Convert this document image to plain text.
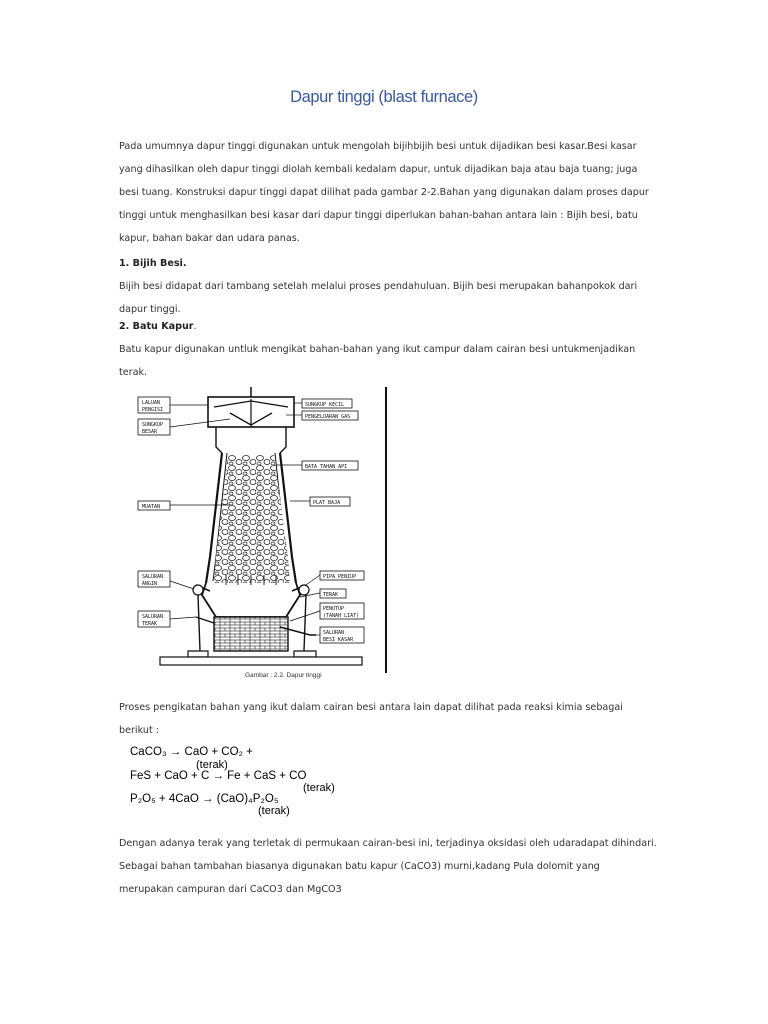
Dapur tinggi (blast furnace)
Pada umumnya dapur tinggi digunakan untuk mengolah bijihbijih besi untuk dijadikan besi kasar.Besi kasar
yang dihasilkan oleh dapur tinggi diolah kembali kedalam dapur, untuk dijadikan baja atau baja tuang; juga
besi tuang. Konstruksi dapur tinggi dapat dilihat pada gambar 2-2.Bahan yang digunakan dalam proses dapur
tinggi untuk menghasilkan besi kasar dari dapur tinggi diperlukan bahan-bahan antara lain : Bijih besi, batu
kapur, bahan bakar dan udara panas.
1. Bijih Besi.
Bijih besi didapat dari tambang setelah melalui proses pendahuluan. Bijih besi merupakan bahanpokok dari
dapur tinggi.
2. Batu Kapur.
Batu kapur digunakan untluk mengikat bahan-bahan yang ikut campur dalam cairan besi untukmenjadikan
terak.
LALUAN
PENGISI
SUNGKUP
BESAR
MUATAN
SALURAN
ANGIN
SALURAN
TERAK
SUNGKUP KECIL
PENGELUARAN GAS
BATA TAHAN API
PLAT BAJA
PIPA PENIUP
TERAK
PENUTUP
(TANAH LIAT)
SALURAN
BESI KASAR
Gambar : 2.2. Dapur tinggi
Proses pengikatan bahan yang ikut dalam cairan besi antara lain dapat dilihat pada reaksi kimia sebagai
berikut :
CaCO₃ → CaO + CO₂ +
(terak)
FeS + CaO + C → Fe + CaS + CO
(terak)
P₂O₅ + 4CaO → (CaO)₄P₂O₅
(terak)
Dengan adanya terak yang terletak di permukaan cairan-besi ini, terjadinya oksidasi oleh udaradapat dihindari.
Sebagai bahan tambahan biasanya digunakan batu kapur (CaCO3) murni,kadang Pula dolomit yang
merupakan campuran dari CaCO3 dan MgCO3
